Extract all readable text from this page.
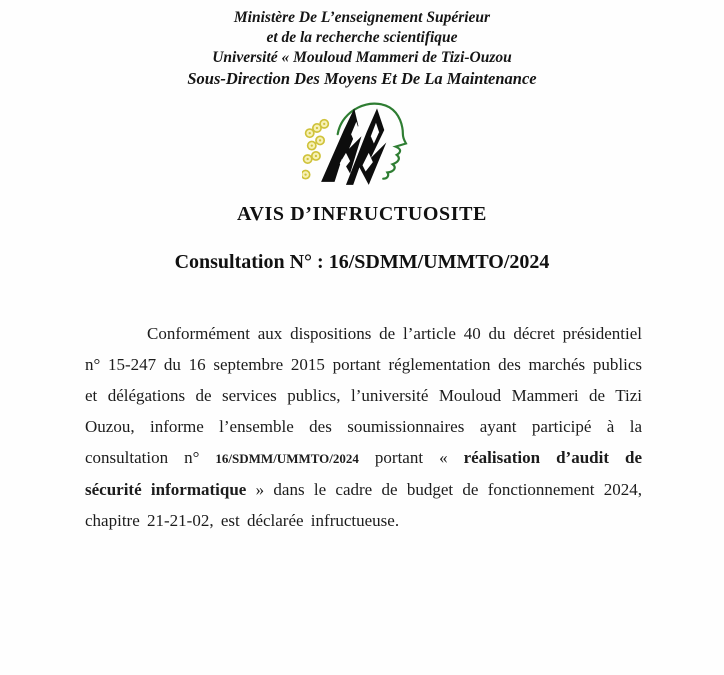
Ministère De L’enseignement Supérieur
et de la recherche scientifique
Université « Mouloud Mammeri de Tizi-Ouzou
Sous-Direction Des Moyens Et De La Maintenance
AVIS D’INFRUCTUOSITE
Consultation N° : 16/SDMM/UMMTO/2024

Conformément aux dispositions de l’article 40 du décret présidentiel n° 15-247 du 16 septembre 2015 portant réglementation des marchés publics et délégations de services publics, l’université Mouloud Mammeri de Tizi Ouzou, informe l’ensemble des soumissionnaires ayant participé à la consultation n° 16/SDMM/UMMTO/2024 portant « réalisation d’audit de sécurité informatique » dans le cadre de budget de fonctionnement 2024, chapitre 21-21-02, est déclarée infructueuse.
